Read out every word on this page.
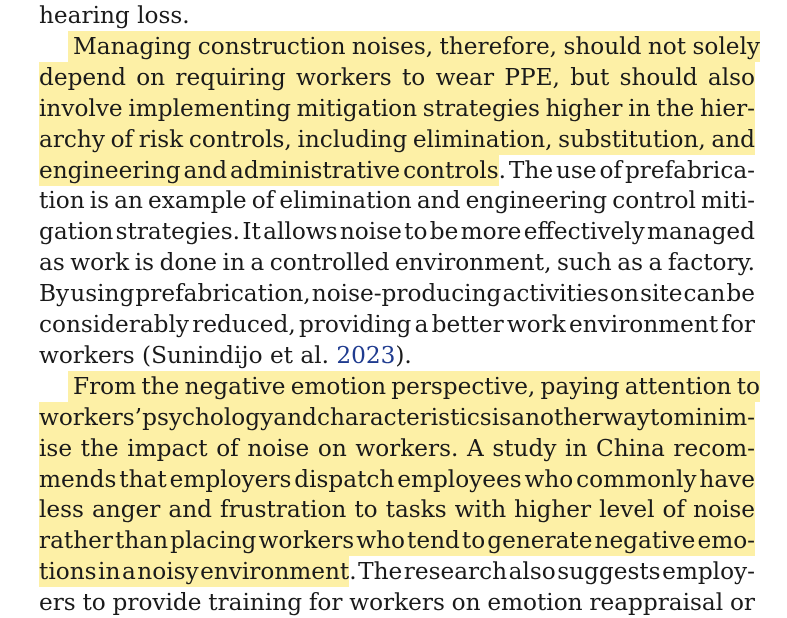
hearing loss.
Managing construction noises, therefore, should not solely
depend on requiring workers to wear PPE, but should also
involve implementing mitigation strategies higher in the hier-
archy of risk controls, including elimination, substitution, and
engineering and administrative controls . The use of prefabrica-
tion is an example of elimination and engineering control miti-
gation strategies. It allows noise to be more effectively managed
as work is done in a controlled environment, such as a factory.
By using prefabrication, noise-producing activities on site can be
considerably reduced, providing a better work environment for
workers (Sunindijo et al. 2023 ).
From the negative emotion perspective, paying attention to
workers’ psychology and characteristics is another way to minim-
ise the impact of noise on workers. A study in China recom-
mends that employers dispatch employees who commonly have
less anger and frustration to tasks with higher level of noise
rather than placing workers who tend to generate negative emo-
tions in a noisy environment . The research also suggests employ-
ers to provide training for workers on emotion reappraisal or
